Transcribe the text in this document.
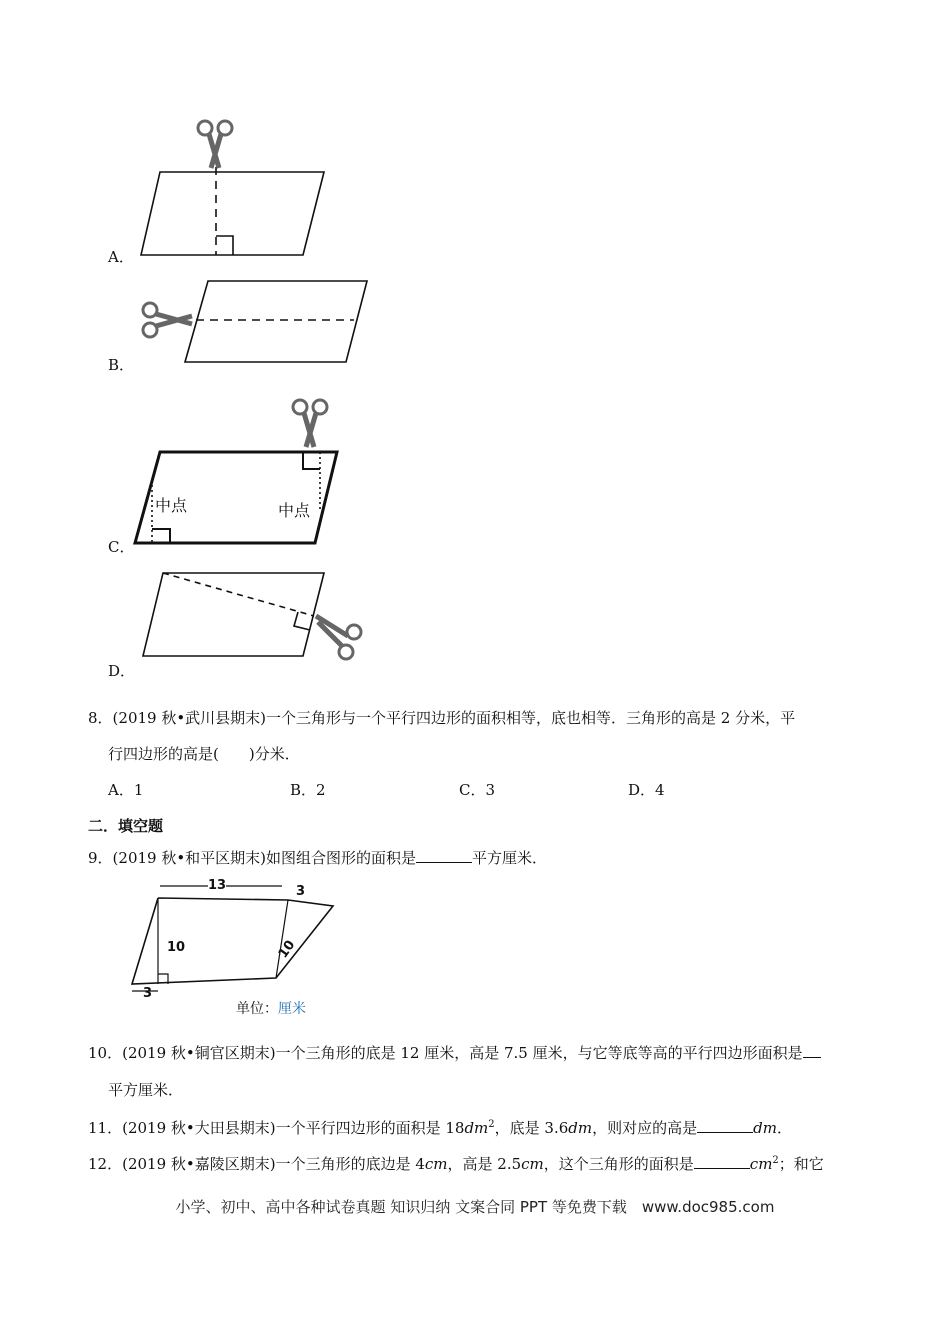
A．
B．
C．
中点	中点
D．
8．(2019 秋•武川县期末)一个三角形与一个平行四边形的面积相等，底也相等．三角形的高是 2 分米，平
行四边形的高是(　　)分米．
A．1	B．2	C．3	D．4
二．填空题
9．(2019 秋•和平区期末)如图组合图形的面积是	平方厘米．
13	3
10	10
3
单位：厘米
10．(2019 秋•铜官区期末)一个三角形的底是 12 厘米，高是 7.5 厘米，与它等底等高的平行四边形面积是
平方厘米．
11．(2019 秋•大田县期末)一个平行四边形的面积是 $18dm^2$，底是 3.6dm，则对应的高是	dm．
12．(2019 秋•嘉陵区期末)一个三角形的底边是 4cm，高是 2.5cm，这个三角形的面积是	$cm^2$；和它
小学、初中、高中各种试卷真题 知识归纳 文案合同 PPT 等免费下载　www.doc985.com
